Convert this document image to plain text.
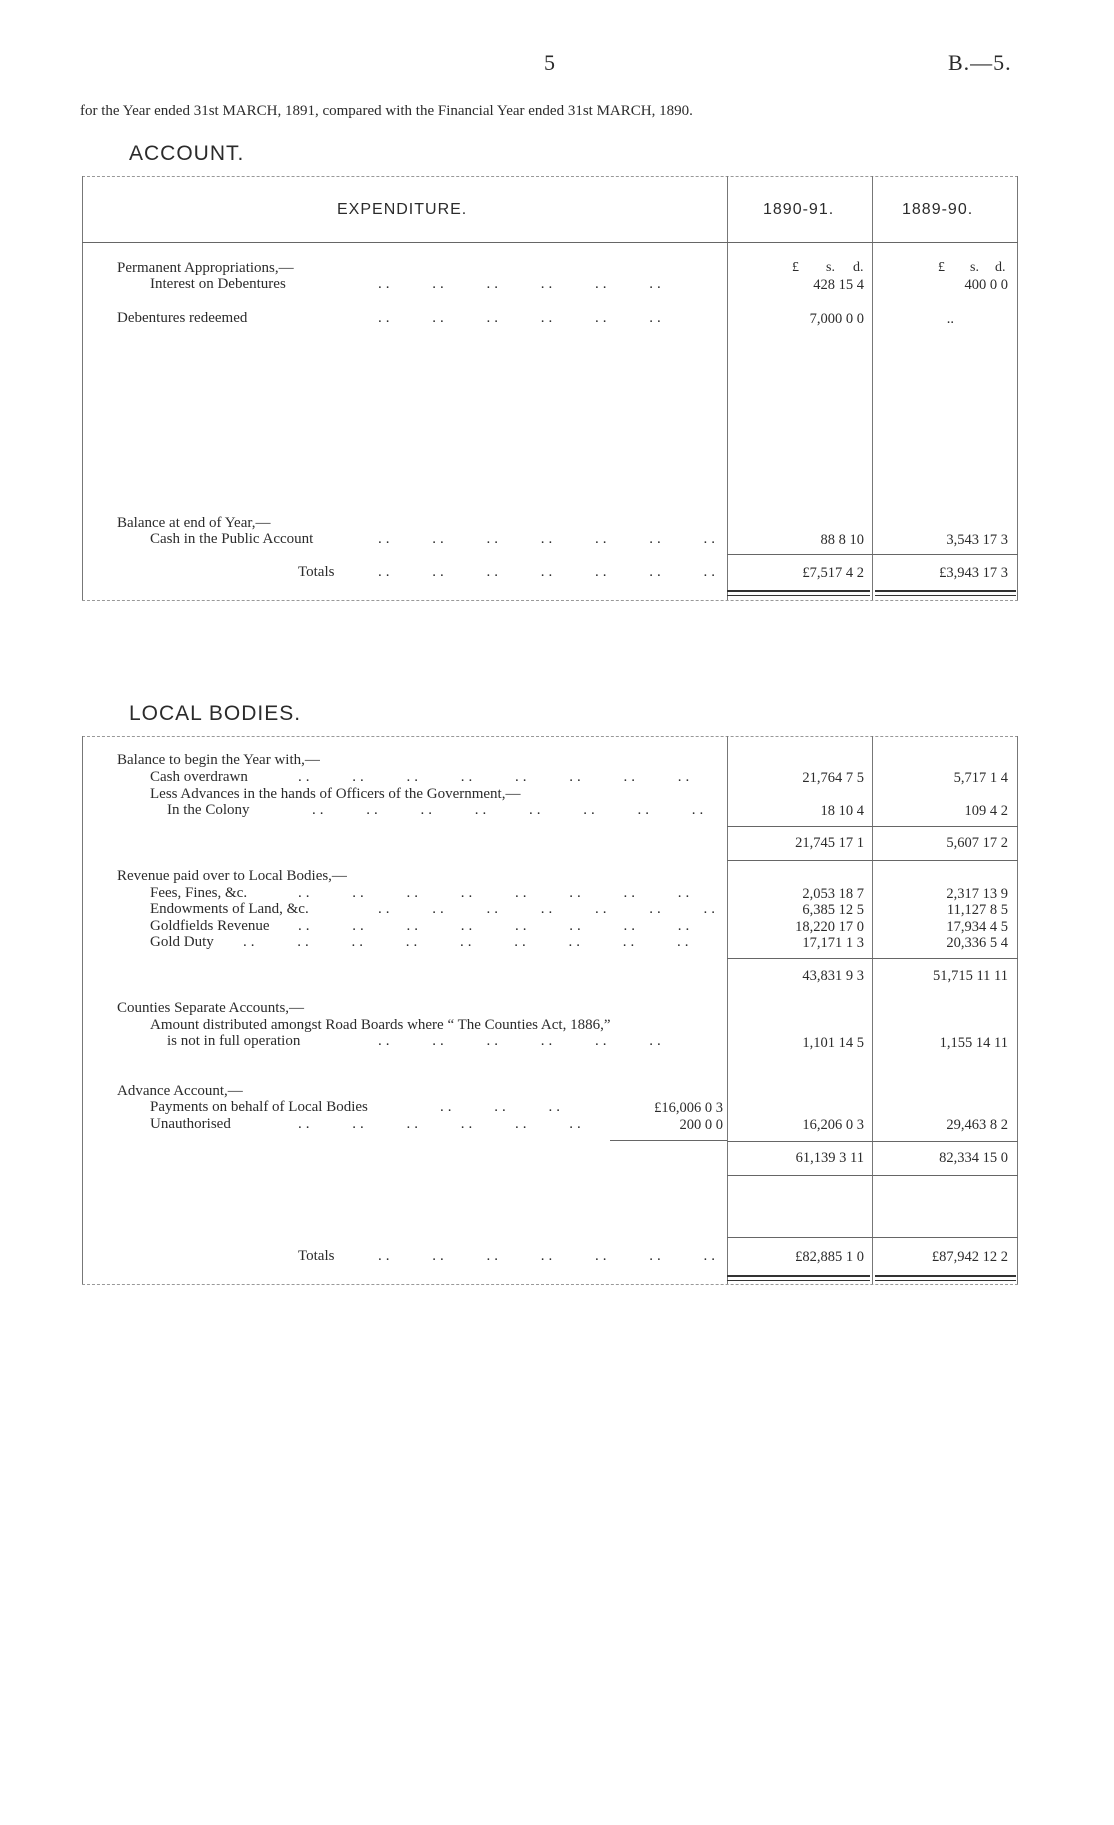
5	B.—5.
for the Year ended 31st MARCH, 1891, compared with the Financial Year ended 31st MARCH, 1890.
ACCOUNT.
EXPENDITURE.	1890-91.	1889-90.
£ s. d.	£ s. d.
Permanent Appropriations,—
Interest on Debentures	..     ..     ..     ..     ..     ..	428 15 4	400 0 0
Debentures redeemed	..     ..     ..     ..     ..     ..	7,000 0 0	..
Balance at end of Year,—
Cash in the Public Account	..     ..     ..     ..     ..     ..     ..	88 8 10	3,543 17 3
Totals	..     ..     ..     ..     ..     ..     ..	£7,517 4 2	£3,943 17 3
LOCAL BODIES.
Balance to begin the Year with,—
Cash overdrawn	..     ..     ..     ..     ..     ..     ..     ..	21,764 7 5	5,717 1 4
Less Advances in the hands of Officers of the Government,—
In the Colony	..     ..     ..     ..     ..     ..     ..     ..	18 10 4	109 4 2
21,745 17 1	5,607 17 2
Revenue paid over to Local Bodies,—
Fees, Fines, &c.	..     ..     ..     ..     ..     ..     ..     ..	2,053 18 7	2,317 13 9
Endowments of Land, &c.	..     ..     ..     ..     ..     ..     ..	6,385 12 5	11,127 8 5
Goldfields Revenue ..     ..     ..     ..     ..     ..     ..     ..	18,220 17 0	17,934 4 5
Gold Duty ..     ..     ..     ..     ..     ..     ..     ..     ..	17,171 1 3	20,336 5 4
43,831 9 3	51,715 11 11
Counties Separate Accounts,—
Amount distributed amongst Road Boards where “ The Counties Act, 1886,”
is not in full operation	..     ..     ..     ..     ..     ..	1,101 14 5	1,155 14 11
Advance Account,—
Payments on behalf of Local Bodies	..     ..     ..	£16,006 0 3
Unauthorised	..     ..     ..     ..     ..     ..	200 0 0	16,206 0 3	29,463 8 2
61,139 3 11	82,334 15 0
Totals	..     ..     ..     ..     ..     ..     ..	£82,885 1 0	£87,942 12 2
